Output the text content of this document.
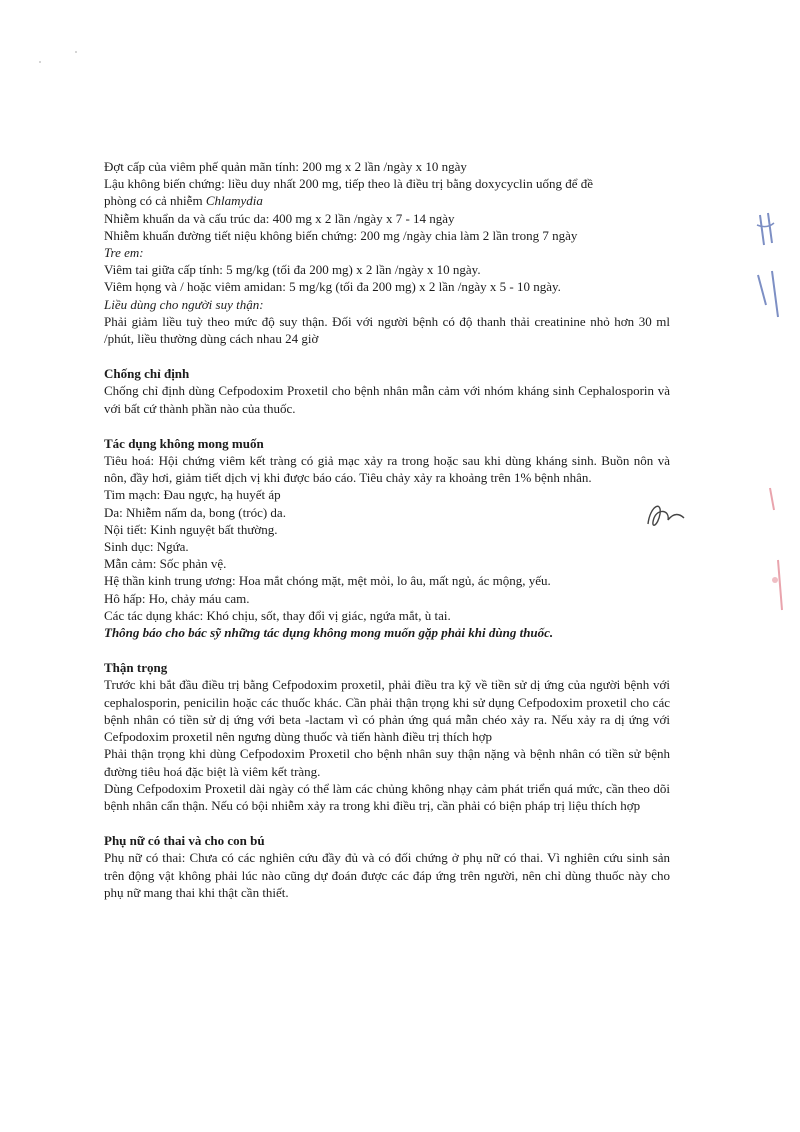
Đợt cấp của viêm phế quản mãn tính: 200 mg x 2 lần /ngày x 10 ngày
Lậu không biến chứng: liều duy nhất 200 mg, tiếp theo là điều trị bằng doxycyclin uống để đề
phòng có cả nhiễm Chlamydia
Nhiễm khuẩn da và cấu trúc da: 400 mg x 2 lần /ngày x 7 - 14 ngày
Nhiễm khuẩn đường tiết niệu không biến chứng: 200 mg /ngày chia làm 2 lần trong 7 ngày
Tre em:
Viêm tai giữa cấp tính: 5 mg/kg (tối đa 200 mg) x 2 lần /ngày x 10 ngày.
Viêm họng và / hoặc viêm amidan: 5 mg/kg (tối đa 200 mg) x 2 lần /ngày x 5 - 10 ngày.
Liều dùng cho người suy thận:
Phải giảm liều tuỳ theo mức độ suy thận. Đối với người bệnh có độ thanh thải creatinine nhỏ hơn 30 ml /phút, liều thường dùng cách nhau 24 giờ
Chống chỉ định
Chống chỉ định dùng Cefpodoxim Proxetil cho bệnh nhân mẫn cảm với nhóm kháng sinh Cephalosporin và với bất cứ thành phần nào của thuốc.
Tác dụng không mong muốn
Tiêu hoá: Hội chứng viêm kết tràng có giả mạc xảy ra trong hoặc sau khi dùng kháng sinh. Buồn nôn và nôn, đầy hơi, giảm tiết dịch vị khi được báo cáo. Tiêu chảy xảy ra khoảng trên 1% bệnh nhân.
Tim mạch: Đau ngực, hạ huyết áp
Da: Nhiễm nấm da, bong (tróc) da.
Nội tiết: Kinh nguyệt bất thường.
Sinh dục: Ngứa.
Mẫn cảm: Sốc phản vệ.
Hệ thần kinh trung ương: Hoa mắt chóng mặt, mệt mỏi, lo âu, mất ngủ, ác mộng, yếu.
Hô hấp: Ho, chảy máu cam.
Các tác dụng khác: Khó chịu, sốt, thay đổi vị giác, ngứa mắt, ù tai.
Thông báo cho bác sỹ những tác dụng không mong muốn gặp phải khi dùng thuốc.
Thận trọng
Trước khi bắt đầu điều trị bằng Cefpodoxim proxetil, phải điều tra kỹ về tiền sử dị ứng của người bệnh với cephalosporin, penicilin hoặc các thuốc khác. Cần phải thận trọng khi sử dụng Cefpodoxim proxetil cho các bệnh nhân có tiền sử dị ứng với beta -lactam vì có phản ứng quá mẫn chéo xảy ra. Nếu xảy ra dị ứng với Cefpodoxim proxetil nên ngưng dùng thuốc và tiến hành điều trị thích hợp
Phải thận trọng khi dùng Cefpodoxim Proxetil cho bệnh nhân suy thận nặng và bệnh nhân có tiền sử bệnh đường tiêu hoá đặc biệt là viêm kết tràng.
Dùng Cefpodoxim Proxetil dài ngày có thể làm các chủng không nhạy cảm phát triển quá mức, cần theo dõi bệnh nhân cẩn thận. Nếu có bội nhiễm xảy ra trong khi điều trị, cần phải có biện pháp trị liệu thích hợp
Phụ nữ có thai và cho con bú
Phụ nữ có thai: Chưa có các nghiên cứu đầy đủ và có đối chứng ở phụ nữ có thai. Vì nghiên cứu sinh sản trên động vật không phải lúc nào cũng dự đoán được các đáp ứng trên người, nên chỉ dùng thuốc này cho phụ nữ mang thai khi thật cần thiết.
